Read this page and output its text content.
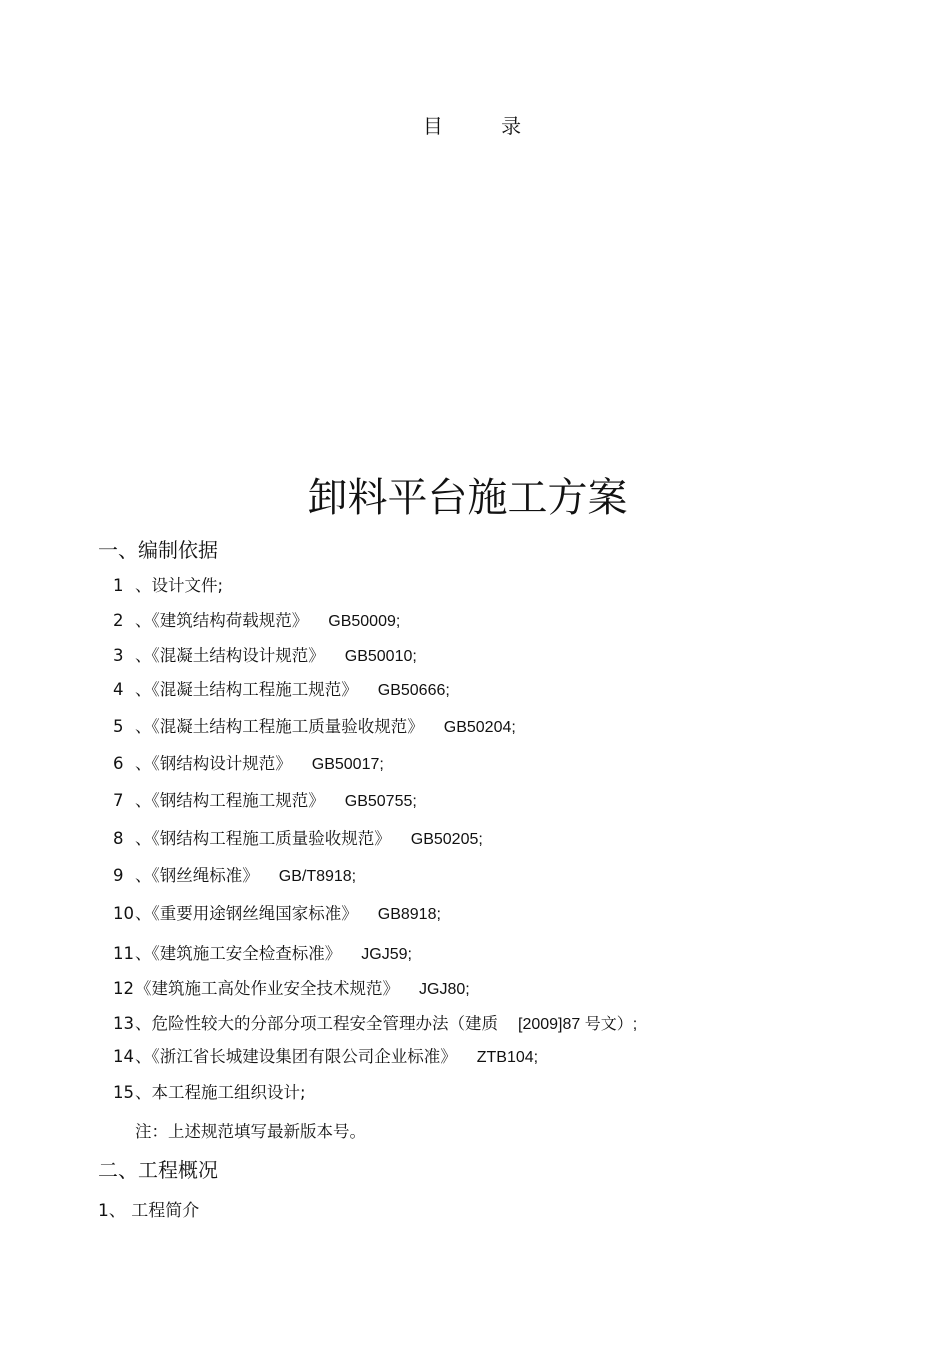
目 录
卸料平台施工方案
一、编制依据
1 、设计文件;
2 、《建筑结构荷载规范》 GB50009;
3 、《混凝土结构设计规范》 GB50010;
4 、《混凝土结构工程施工规范》 GB50666;
5 、《混凝土结构工程施工质量验收规范》 GB50204;
6 、《钢结构设计规范》 GB50017;
7 、《钢结构工程施工规范》 GB50755;
8 、《钢结构工程施工质量验收规范》 GB50205;
9 、《钢丝绳标准》 GB/T8918;
10、《重要用途钢丝绳国家标准》 GB8918;
11、《建筑施工安全检查标准》 JGJ59;
12《建筑施工高处作业安全技术规范》 JGJ80;
13、危险性较大的分部分项工程安全管理办法（建质 [2009]87 号文）;
14、《浙江省长城建设集团有限公司企业标准》 ZTB104;
15、本工程施工组织设计;
注：上述规范填写最新版本号。
二、工程概况
1、 工程简介
